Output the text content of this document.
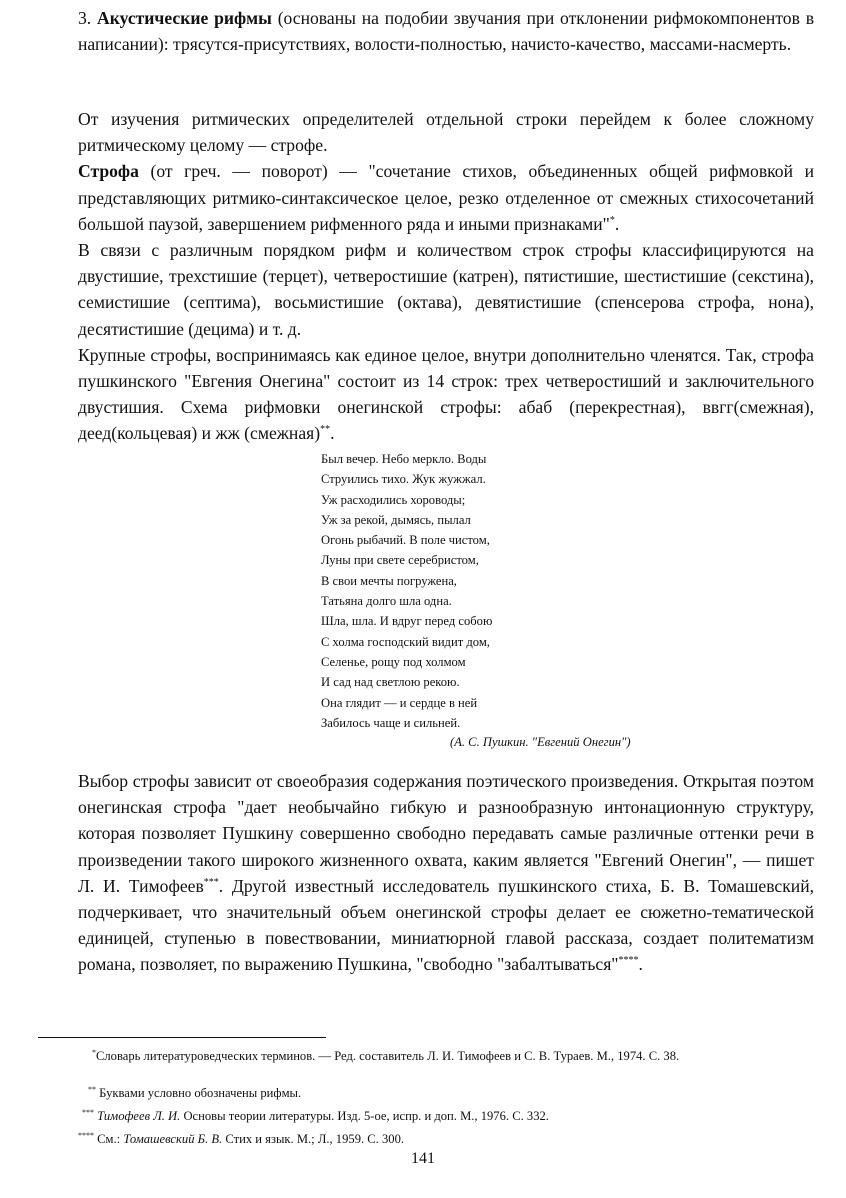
3. Акустические рифмы (основаны на подобии звучания при отклонении рифмокомпонентов в написании): трясутся-присутствиях, волости-полностью, начисто-качество, массами-насмерть.

От изучения ритмических определителей отдельной строки перейдем к более сложному ритмическому целому — строфе.

Строфа (от греч. — поворот) — "сочетание стихов, объединенных общей рифмовкой и представляющих ритмико-синтаксическое целое, резко отделенное от смежных стихосочетаний большой паузой, завершением рифменного ряда и иными признаками"*.

В связи с различным порядком рифм и количеством строк строфы классифицируются на двустишие, трехстишие (терцет), четверостишие (катрен), пятистишие, шестистишие (секстина), семистишие (септима), восьмистишие (октава), девятистишие (спенсерова строфа, нона), десятистишие (децима) и т. д.

Крупные строфы, воспринимаясь как единое целое, внутри дополнительно членятся. Так, строфа пушкинского "Евгения Онегина" состоит из 14 строк: трех четверостиший и заключительного двустишия. Схема рифмовки онегинской строфы: абаб (перекрестная), ввгг(смежная), деед(кольцевая) и жж (смежная)**.

Был вечер. Небо меркло. Воды
Струились тихо. Жук жужжал.
Уж расходились хороводы;
Уж за рекой, дымясь, пылал
Огонь рыбачий. В поле чистом,
Луны при свете серебристом,
В свои мечты погружена,
Татьяна долго шла одна.
Шла, шла. И вдруг перед собою
С холма господский видит дом,
Селенье, рощу под холмом
И сад над светлою рекою.
Она глядит — и сердце в ней
Забилось чаще и сильней.
(А. С. Пушкин. "Евгений Онегин")

Выбор строфы зависит от своеобразия содержания поэтического произведения. Открытая поэтом онегинская строфа "дает необычайно гибкую и разнообразную интонационную структуру, которая позволяет Пушкину совершенно свободно передавать самые различные оттенки речи в произведении такого широкого жизненного охвата, каким является "Евгений Онегин", — пишет Л. И. Тимофеев***. Другой известный исследователь пушкинского стиха, Б. В. Томашевский, подчеркивает, что значительный объем онегинской строфы делает ее сюжетно-тематической единицей, ступенью в повествовании, миниатюрной главой рассказа, создает политематизм романа, позволяет, по выражению Пушкина, "свободно "забалтываться"****.

*Словарь литературоведческих терминов. — Ред. составитель Л. И. Тимофеев и С. В. Тураев. М., 1974. С. 38.
** Буквами условно обозначены рифмы.
*** Тимофеев Л. И. Основы теории литературы. Изд. 5-ое, испр. и доп. М., 1976. С. 332.
**** См.: Томашевский Б. В. Стих и язык. М.; Л., 1959. С. 300.
141
